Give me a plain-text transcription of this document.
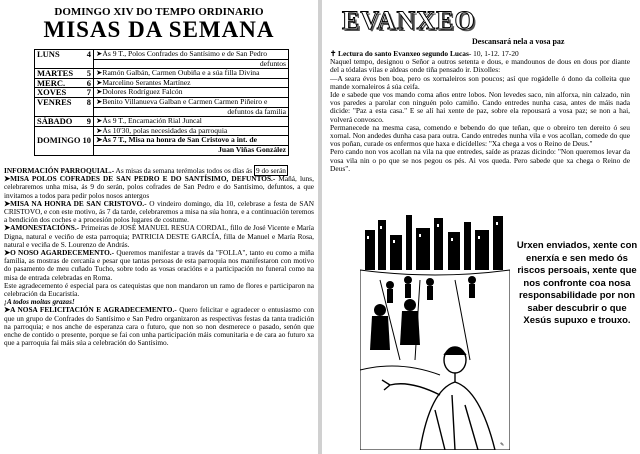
DOMINGO XIV DO TEMPO ORDINARIO
MISAS DA SEMANA
LUNS 4	➤Ás 9 T., Polos Confrades do Santísimo e de San Pedro
	defuntos
MARTES 5	➤Ramón Galbán, Carmen Oubiña e a súa filla Divina
MERC. 6	➤Marcelino Serantes Martínez
XOVES 7	➤Dolores Rodríguez Falcón
VENRES 8	➤Benito Villanueva Galban e Carmen Carmen Piñeiro e
	defuntos da familia
SÁBADO 9	➤Ás 9 T., Encarnación Rial Juncal
DOMINGO 10	➤Ás 10'30, polas necesidades da parroquia
	➤Ás 7 T., Misa na honra de San Cristovo a int. de
	Juan Viñas González
INFORMACIÓN PARROQUIAL.- As misas da semana terémolas todos os días ás 9 do serán
➤MISA POLOS COFRADES DE SAN PEDRO E DO SANTÍSIMO, DEFUNTOS.- Mañá, luns, celebraremos unha misa, ás 9 do serán, polos cofrades de San Pedro e do Santísimo, defuntos, a que invitamos a todos para pedir polos nosos antergos
➤MISA NA HONRA DE SAN CRISTOVO.- O vindeiro domingo, día 10, celebrase a festa de SAN CRISTOVO, e con este motivo, ás 7 da tarde, celebraremos a misa na súa honra, e a continuación teremos a bendición dos coches e a procesión polos lugares de costume.
➤AMONESTACIÓNS.- Primeiras de JOSÉ MANUEL RESUA CORDAL, fillo de José Vicente e María Digna, natural e veciño de esta parroquia; PATRICIA DESTE GARCÍA, filla de Manuel e María Rosa, natural e veciña de S. Lourenzo de András.
➤O NOSO AGARDECEMENTO.- Queremos manifestar a través da "FOLLA", tanto eu como a miña familia, as mostras de cercanía e pesar que tantas persoas de esta parroquia nos manifestaron con motivo do pasamento de meu cuñado Tucho, sobre todo as vosas oracións e a participación no funeral como na misa de entrada celebradas en Roma.
Este agradecemento é especial para os catequistas que non mandaron un ramo de flores e participaron na celebración da Eucaristía.
¡A todos moitas grazas!
➤A NOSA FELICITACIÓN E AGRADECEMENTO.- Quero felicitar e agradecer o entusiasmo con que un grupo de Confrades do Santísimo e San Pedro organizaron as respectivas festas da tanta tradición na parroquia; e nos anche de esperanza cara o futuro, que non so non desmerece o pasado, senón que enche de contido o presente, porque se fai con unha participación máis comunitaria e de cara ao futuro xa que a parroquia fai máis súa a celebración do Santísimo.
EVANXEO
Descansará nela a vosa paz
✝ Lectura do santo Evanxeo segundo Lucas- 10, 1-12. 17-20
Naquel tempo, designou o Señor a outros setenta e dous, e mandounos de dous en dous por diante del a tódalas vilas e aldeas onde tiña pensado ir. Dixolles:
—A seara évos ben boa, pero os xornaleiros son poucos; así que rogádelle ó dono da colleita que mande xornaleiros á súa ceifa.
Ide e sabede que vos mando coma años entre lobos. Non levedes saco, nin alforxa, nin calzado, nin vos paredes a parolar con ninguén polo camiño. Cando entredes nunha casa, antes de máis nada dicide: "Paz a esta casa." E se alí hai xente de paz, sobre ela repousará a vosa paz; se non a hai, volverá convosco.
Permanecede na mesma casa, comendo e bebendo do que teñan, que o obreiro ten dereito ó seu xornal. Non andedes dunha casa para outra. Cando entredes nunha vila e vos acollan, comede do que vos poñan, curade os enfermos que haxa e dicídelles: "Xa chega a vos o Reino de Deus."
Pero cando non vos acollan na vila na que entredes, saíde as prazas dicindo: "Non queremos levar da vosa vila nin o po que se nos pegou os pés. Ai vos queda. Pero sabede que xa chega o Reino de Deus".
✎
Urxen enviados, xente con enerxía e sen medo ós riscos persoais, xente que nos confronte coa nosa responsabilidade por non saber descubrir o que Xesús supuxo e trouxo.
